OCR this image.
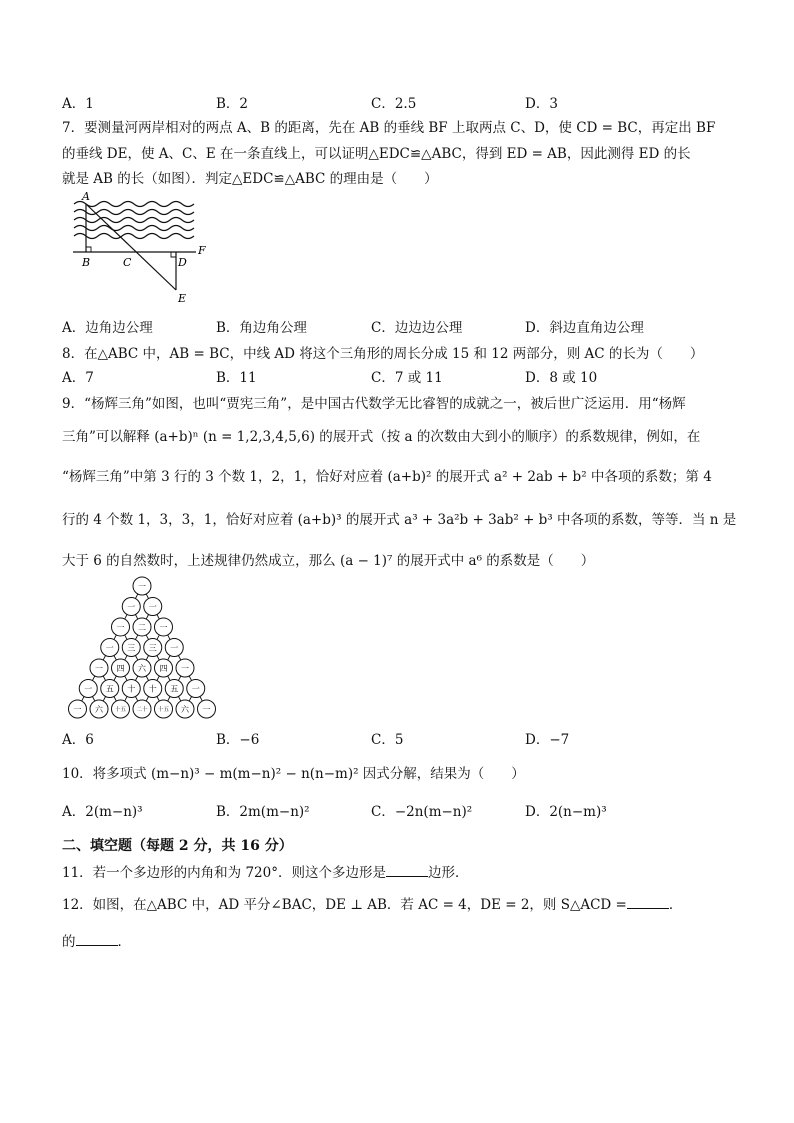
A．1	B．2	C．2.5	D．3
7．要测量河两岸相对的两点 A、B 的距离，先在 AB 的垂线 BF 上取两点 C、D，使 CD = BC，再定出 BF
的垂线 DE，使 A、C、E 在一条直线上，可以证明△EDC≌△ABC，得到 ED = AB，因此测得 ED 的长
就是 AB 的长（如图）．判定△EDC≌△ABC 的理由是（　　）
A
B	C	D
F
E
A．边角边公理	B．角边角公理	C．边边边公理	D．斜边直角边公理
8．在△ABC 中，AB = BC，中线 AD 将这个三角形的周长分成 15 和 12 两部分，则 AC 的长为（　　）
A．7	B．11	C．7 或 11	D．8 或 10
9．“杨辉三角”如图，也叫“贾宪三角”，是中国古代数学无比睿智的成就之一，被后世广泛运用．用“杨辉
三角”可以解释 (a+b)ⁿ (n = 1,2,3,4,5,6) 的展开式（按 a 的次数由大到小的顺序）的系数规律，例如，在
“杨辉三角”中第 3 行的 3 个数 1，2，1，恰好对应着 (a+b)² 的展开式 a² + 2ab + b² 中各项的系数；第 4
行的 4 个数 1，3，3，1，恰好对应着 (a+b)³ 的展开式 a³ + 3a²b + 3ab² + b³ 中各项的系数，等等．当 n 是
大于 6 的自然数时，上述规律仍然成立，那么 (a − 1)⁷ 的展开式中 a⁶ 的系数是（　　）
一
一 一
一 二 一
一 三 三 一
一 四 六 四 一
一 五 十 十 五 一
一 六 十五 二十 十五 六 一
A．6	B．−6	C．5	D．−7
10．将多项式 (m−n)³ − m(m−n)² − n(n−m)² 因式分解，结果为（　　）
A．2(m−n)³	B．2m(m−n)²	C．−2n(m−n)²	D．2(n−m)³
二、填空题（每题 2 分，共 16 分）
11．若一个多边形的内角和为 720°．则这个多边形是	边形．
12．如图，在△ABC 中，AD 平分∠BAC，DE ⊥ AB．若 AC = 4，DE = 2，则 S△ACD =	．
的	．
